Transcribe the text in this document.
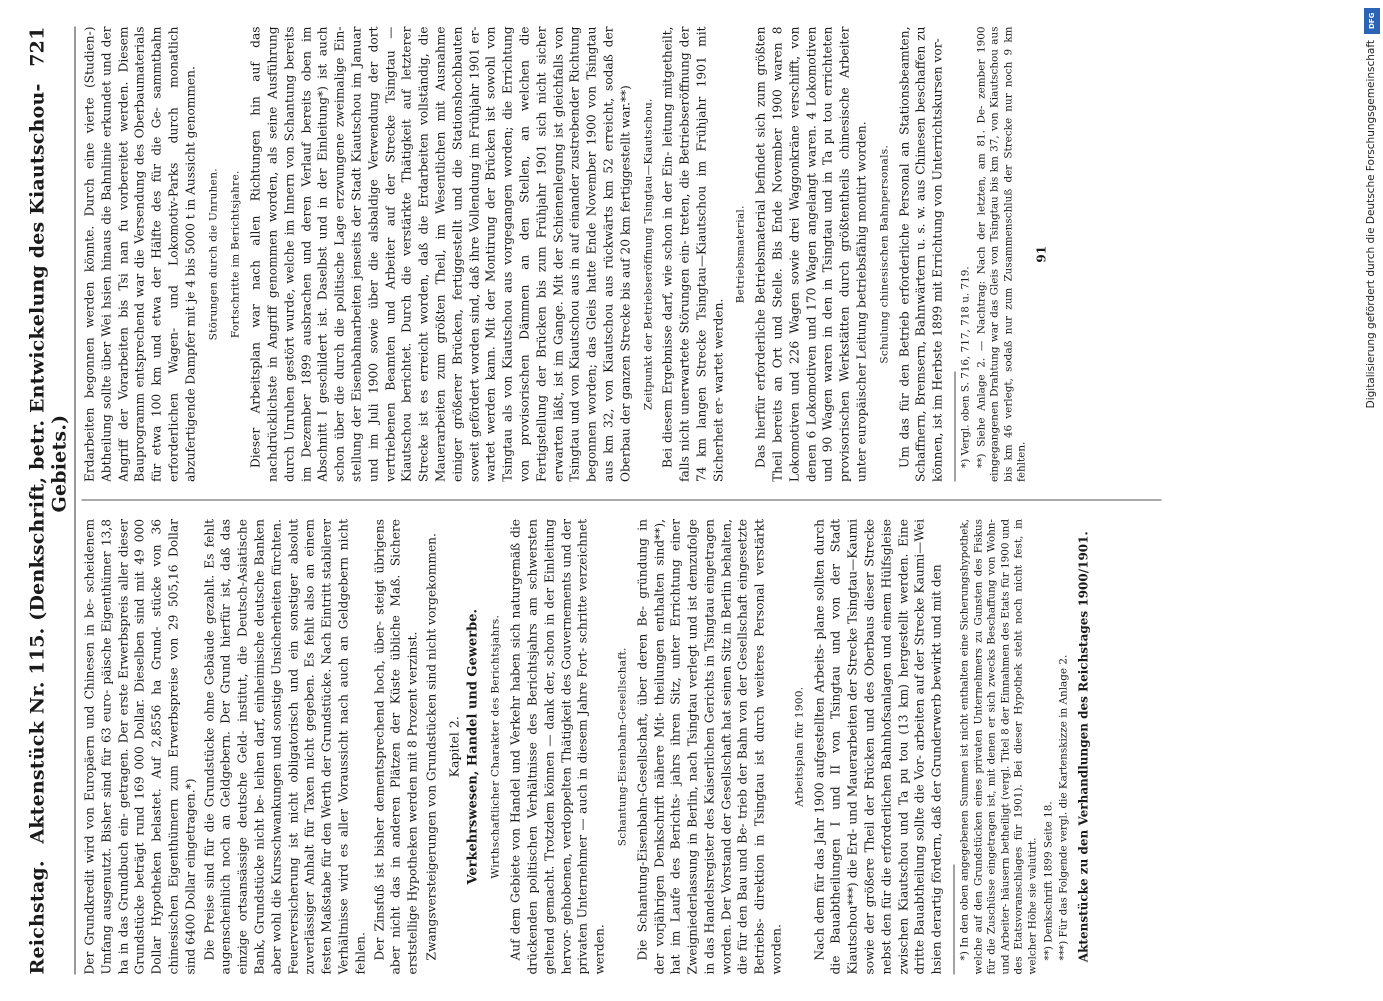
Reichstag.
Aktenstück Nr. 115. (Denkschrift, betr. Entwickelung des Kiautschou-Gebiets.)
721

Der Grundkredit wird von Europäern und Chinesen in be- scheidenem Umfang ausgenutzt. Bisher sind für 63 euro- päische Eigenthümer 13,8 ha in das Grundbuch ein- getragen. Der erste Erwerbspreis aller dieser Grundstücke beträgt rund 169 000 Dollar. Dieselben sind mit 49 000 Dollar Hypotheken belastet. Auf 2,8556 ha Grund- stücke von 36 chinesischen Eigenthümern zum Erwerbspreise von 29 505,16 Dollar sind 6400 Dollar eingetragen.*) Die Preise sind für die Grundstücke ohne Gebäude gezahlt. Es fehlt augenscheinlich noch an Geldgebern. Der Grund hierfür ist, daß das einzige ortsansässige deutsche Geld- institut, die Deutsch-Asiatische Bank, Grundstücke nicht be- leihen darf, einheimische deutsche Banken aber wohl die Kursschwankungen und sonstige Unsicherheiten fürchten. Feuerversicherung ist nicht obligatorisch und ein sonstiger absolut zuverlässiger Anhalt für Taxen nicht gegeben. Es fehlt also an einem festen Maßstabe für den Werth der Grundstücke. Nach Eintritt stabilerer Verhältnisse wird es aller Voraussicht nach auch an Geldgebern nicht fehlen. Der Zinsfuß ist bisher dementsprechend hoch, über- steigt übrigens aber nicht das in anderen Plätzen der Küste übliche Maß. Sichere erststellige Hypotheken werden mit 8 Prozent verzinst. Zwangsversteigerungen von Grundstücken sind nicht vorgekommen. Kapitel 2. Verkehrswesen, Handel und Gewerbe. Wirthschaftlicher Charakter des Berichtsjahrs. Auf dem Gebiete von Handel und Verkehr haben sich naturgemäß die drückenden politischen Verhältnisse des Berichtsjahrs am schwersten geltend gemacht. Trotzdem können — dank der, schon in der Einleitung hervor- gehobenen, verdoppelten Thätigkeit des Gouvernements und der privaten Unternehmer — auch in diesem Jahre Fort- schritte verzeichnet werden.

Schantung-Eisenbahn-Gesellschaft. Die Schantung-Eisenbahn-Gesellschaft, über deren Be- gründung in der vorjährigen Denkschrift nähere Mit- theilungen enthalten sind**), hat im Laufe des Berichts- jahrs ihren Sitz, unter Errichtung einer Zweigniederlassung in Berlin, nach Tsingtau verlegt und ist demzufolge in das Handelsregister des Kaiserlichen Gerichts in Tsingtau eingetragen worden. Der Vorstand der Gesellschaft hat seinen Sitz in Berlin behalten, die für den Bau und Be- trieb der Bahn von der Gesellschaft eingesetzte Betriebs- direktion in Tsingtau ist durch weiteres Personal verstärkt worden.

Arbeitsplan für 1900. Nach dem für das Jahr 1900 aufgestellten Arbeits- plane sollten durch die Bauabtheilungen I und II von Tsingtau und von der Stadt Kiautschou***) die Erd- und Mauerarbeiten der Strecke Tsingtau—Kaumi sowie der größere Theil der Brücken und des Oberbaus dieser Strecke nebst den für die erforderlichen Bahnhofsanlagen und einem Hülfsgleise zwischen Kiautschou und Ta pu tou (13 km) hergestellt werden. Eine dritte Bauabtheilung sollte die Vor- arbeiten auf der Strecke Kaumi—Wei hsien derartig fördern, daß der Grunderwerb bewirkt und mit den *) In den oben angegebenen Summen ist nicht enthalten eine Sicherungshypothek, welche auf den Grundstücken eines privaten Unternehmers zu Gunsten des Fiskus für die Zuschüsse eingetragen ist, mit denen er sich zwecks Beschaffung von Wohn- und Arbeiter- häusern betheiligt (vergl. Titel 8 der Einnahmen des Etats für 1900 und des Etatsvoranschlages für 1901). Bei dieser Hypothek steht noch nicht fest, in welcher Höhe sie valutirt. **) Denkschrift 1899 Seite 18. ***) Für das Folgende vergl. die Kartenskizze in Anlage 2. Aktenstücke zu den Verhandlungen des Reichstages 1900/1901.

Erdarbeiten begonnen werden könnte. Durch eine vierte (Studien-) Abtheilung sollte über Wei hsien hinaus die Bahnlinie erkundet und der Angriff der Vorarbeiten bis Tsi nan fu vorbereitet werden. Diesem Bauprogramm entsprechend war die Versendung des Oberbaumaterials für etwa 100 km und etwa der Hälfte des für die Ge- sammtbahn erforderlichen Wagen- und Lokomotiv-Parks durch monatlich abzufertigende Dampfer mit je 4 bis 5000 t in Aussicht genommen. Störungen durch die Unruhen. Fortschritte im Berichtsjahre. Dieser Arbeitsplan war nach allen Richtungen hin auf das nachdrücklichste in Angriff genommen worden, als seine Ausführung durch Unruhen gestört wurde, welche im Innern von Schantung bereits im Dezember 1899 ausbrachen und deren Verlauf bereits oben im Abschnitt I geschildert ist. Daselbst und in der Einleitung*) ist auch schon über die durch die politische Lage erzwungene zweimalige Ein- stellung der Eisenbahnarbeiten jenseits der Stadt Kiautschou im Januar und im Juli 1900 sowie über die alsbaldige Verwendung der dort vertriebenen Beamten und Arbeiter auf der Strecke Tsingtau — Kiautschou berichtet. Durch die verstärkte Thätigkeit auf letzterer Strecke ist es erreicht worden, daß die Erdarbeiten vollständig, die Mauerarbeiten zum größten Theil, im Wesentlichen mit Ausnahme einiger größerer Brücken, fertiggestellt und die Stationshochbauten soweit gefördert worden sind, daß ihre Vollendung im Frühjahr 1901 er- wartet werden kann. Mit der Montirung der Brücken ist sowohl von Tsingtau als von Kiautschou aus vorgegangen worden; die Errichtung von provisorischen Dämmen an den Stellen, an welchen die Fertigstellung der Brücken bis zum Frühjahr 1901 sich nicht sicher erwarten läßt, ist im Gange. Mit der Schienenlegung ist gleichfalls von Tsingtau und von Kiautschou aus in auf einander zustrebender Richtung begonnen worden; das Gleis hatte Ende November 1900 von Tsingtau aus km 32, von Kiautschou aus rückwärts km 52 erreicht, sodaß der Oberbau der ganzen Strecke bis auf 20 km fertiggestellt war.**) Zeitpunkt der Betriebseröffnung Tsingtau—Kiautschou. Bei diesem Ergebnisse darf, wie schon in der Ein- leitung mitgetheilt, falls nicht unerwartete Störungen ein- treten, die Betriebseröffnung der 74 km langen Strecke Tsingtau—Kiautschou im Frühjahr 1901 mit Sicherheit er- wartet werden.

Betriebsmaterial. Das hierfür erforderliche Betriebsmaterial befindet sich zum größten Theil bereits an Ort und Stelle. Bis Ende November 1900 waren 8 Lokomotiven und 226 Wagen sowie drei Waggonkräne verschifft, von denen 6 Lokomotiven und 170 Wagen angelangt waren. 4 Lokomotiven und 90 Wagen waren in den in Tsingtau und in Ta pu tou errichteten provisorischen Werkstätten durch größtentheils chinesische Arbeiter unter europäischer Leitung betriebsfähig montirt worden. Schulung chinesischen Bahnpersonals. Um das für den Betrieb erforderliche Personal an Stationsbeamten, Schaffnern, Bremsern, Bahnwärtern u. s. w. aus Chinesen beschaffen zu können, ist im Herbste 1899 mit Errichtung von Unterrichtskursen vor- *) Vergl. oben S. 716, 717, 718 u. 719. **) Siehe Anlage 2. — Nachtrag: Nach der letzten, am 81. De- zember 1900 eingegangenen Drahtung war das Gleis von Tsingtau bis km 37, von Kiautschou aus bis km 46 verlegt, sodaß nur zum Zusammenschluß der Strecke nur noch 9 km fehlten.

91
DFG
Digitalisierung gefördert durch die Deutsche Forschungsgemeinschaft
